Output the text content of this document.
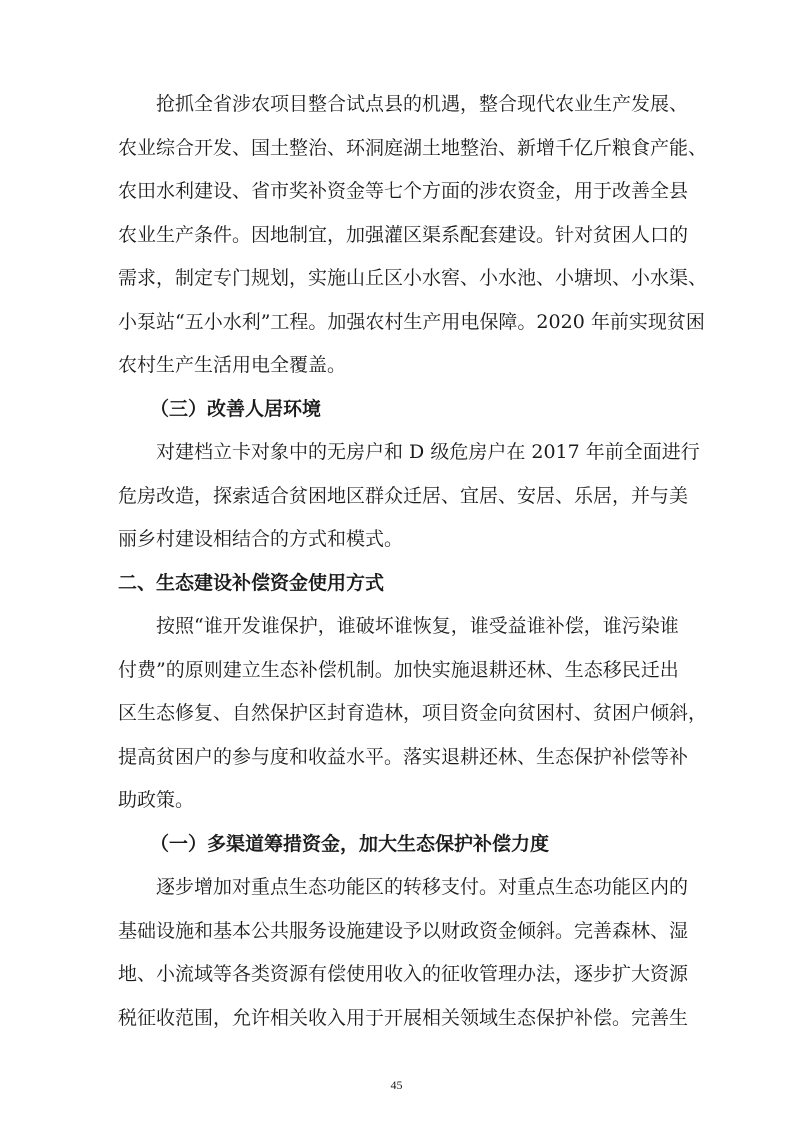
　　抢抓全省涉农项目整合试点县的机遇，整合现代农业生产发展、
农业综合开发、国土整治、环洞庭湖土地整治、新增千亿斤粮食产能、
农田水利建设、省市奖补资金等七个方面的涉农资金，用于改善全县
农业生产条件。因地制宜，加强灌区渠系配套建设。针对贫困人口的
需求，制定专门规划，实施山丘区小水窖、小水池、小塘坝、小水渠、
小泵站“五小水利”工程。加强农村生产用电保障。2020 年前实现贫困
农村生产生活用电全覆盖。
（三）改善人居环境
　　对建档立卡对象中的无房户和 D 级危房户在 2017 年前全面进行
危房改造，探索适合贫困地区群众迁居、宜居、安居、乐居，并与美
丽乡村建设相结合的方式和模式。
二、生态建设补偿资金使用方式
　　按照“谁开发谁保护，谁破坏谁恢复，谁受益谁补偿，谁污染谁
付费”的原则建立生态补偿机制。加快实施退耕还林、生态移民迁出
区生态修复、自然保护区封育造林，项目资金向贫困村、贫困户倾斜，
提高贫困户的参与度和收益水平。落实退耕还林、生态保护补偿等补
助政策。
（一）多渠道筹措资金，加大生态保护补偿力度
　　逐步增加对重点生态功能区的转移支付。对重点生态功能区内的
基础设施和基本公共服务设施建设予以财政资金倾斜。完善森林、湿
地、小流域等各类资源有偿使用收入的征收管理办法，逐步扩大资源
税征收范围，允许相关收入用于开展相关领域生态保护补偿。完善生
45
